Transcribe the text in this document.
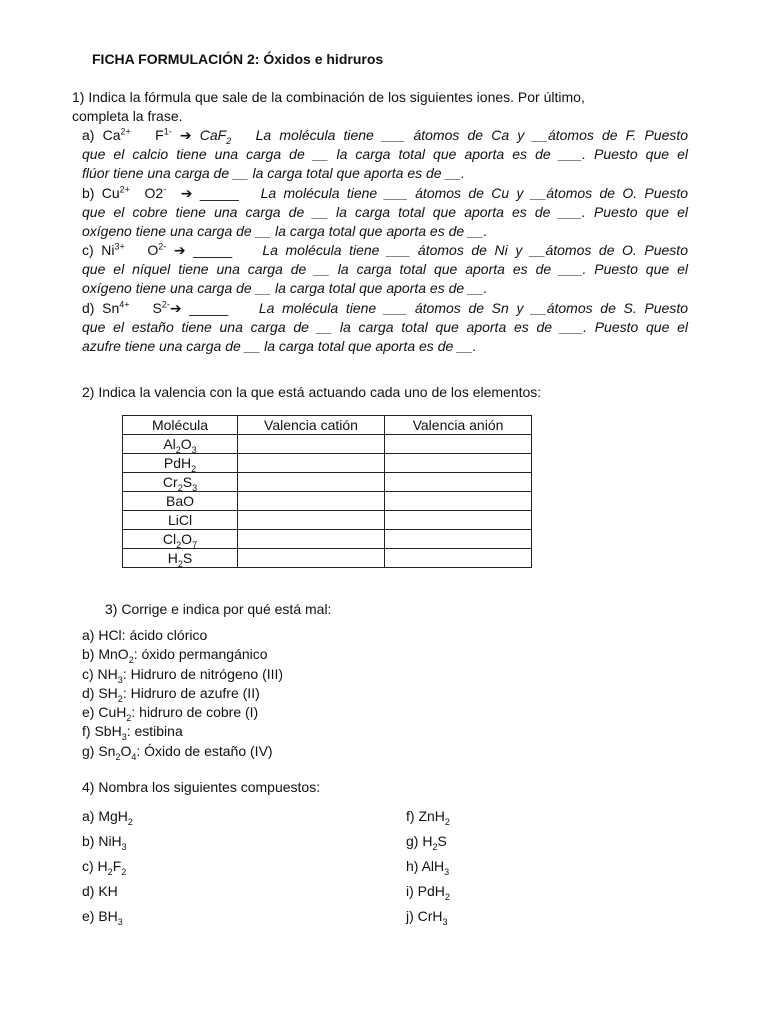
FICHA FORMULACIÓN 2: Óxidos e hidruros
1) Indica la fórmula que sale de la combinación de los siguientes iones. Por último,
completa la frase.
a) $Ca^{2+}$ $F^{1-}$ ➔ CaF$_2$ La molécula tiene ___ átomos de Ca y __átomos de F. Puesto
que el calcio tiene una carga de __ la carga total que aporta es de ___. Puesto que el
flúor tiene una carga de __ la carga total que aporta es de __.
b) $Cu^{2+}$ O2- ➔ _____ La molécula tiene ___ átomos de Cu y __átomos de O. Puesto
que el cobre tiene una carga de __ la carga total que aporta es de ___. Puesto que el
oxígeno tiene una carga de __ la carga total que aporta es de __.
c) $Ni^{3+}$ $O^{2-}$ ➔ _____ La molécula tiene ___ átomos de Ni y __átomos de O. Puesto
que el níquel tiene una carga de __ la carga total que aporta es de ___. Puesto que el
oxígeno tiene una carga de __ la carga total que aporta es de __.
d) $Sn^{4+}$ $S^{2-}➔$ _____ La molécula tiene ___ átomos de Sn y __átomos de S. Puesto
que el estaño tiene una carga de __ la carga total que aporta es de ___. Puesto que el
azufre tiene una carga de __ la carga total que aporta es de __.
2) Indica la valencia con la que está actuando cada uno de los elementos:
Molécula	Valencia catión	Valencia anión
$Al_2O_3$		
PdH$_2$		
$Cr_2S_3$		
BaO		
LiCl		
$Cl_2O_7$		
$H_2S$		
3) Corrige e indica por qué está mal:
a) HCl: ácido clórico
b) MnO$_2$: óxido permangánico
c) $NH_3$: Hidruro de nitrógeno (III)
d) $SH_2$: Hidruro de azufre (II)
e) CuH$_2$: hidruro de cobre (I)
f) SbH$_3$: estibina
g) $Sn_2O_4$: Óxido de estaño (IV)
4) Nombra los siguientes compuestos:
a) MgH$_2$
b) NiH$_3$
c) $H_2F_2$
d) KH
e) $BH_3$
f) ZnH$_2$
g) $H_2S$
h) AlH$_3$
i) PdH$_2$
j) CrH$_3$
